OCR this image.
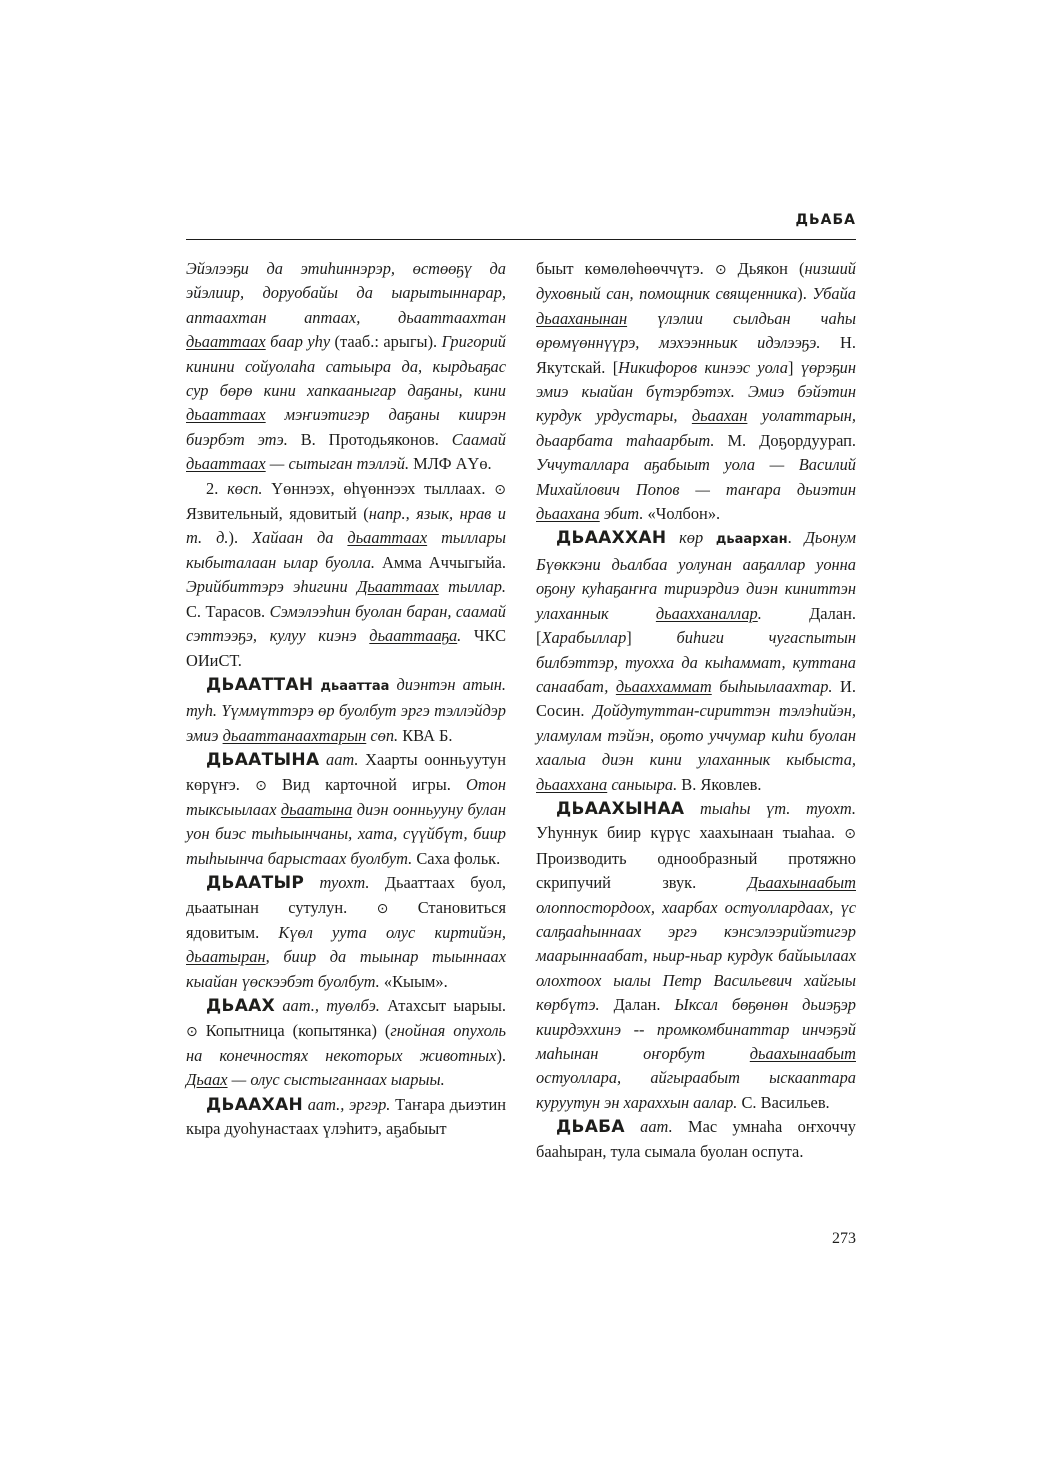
ДЬАБА

Эйэлээҕи да этиһиннэрэр, өстөөҕү да эйэлиир, доруобайы да ыарытыннарар, аптаахтан аптаах, дьааттаахтан дьааттаах баар уһу (тааб.: арыгы). Григорий кинини сойуолаһа сатыыра да, кырдьаҕас сур бөрө кини хапкааныгар даҕаны, кини дьааттаах мэҥиэтигэр даҕаны киирэн биэрбэт этэ. В. Протодьяконов. Саамай дьааттаах — сытыган тэллэй. МЛФ АҮө.

2. көсп. Үөннээх, өһүөннээх тыллаах. ⊙ Язвительный, ядовитый (напр., язык, нрав и т. д.). Хайаан да дьааттаах тыллары кыбыталаан ылар буолла. Амма Аччыгыйа. Эрийбиттэрэ эһигини Дьааттаах тыллар. С. Тарасов. Сэмэлээһин буолан баран, саамай сэттээҕэ, кулуу киэнэ дьааттааҕа. ЧКС ОИиСТ.

ДЬААТТАН дьааттаа диэнтэн атын. туһ. Үүммүттэрэ өр буолбут эргэ тэллэйдэр эмиэ дьааттанаахтарын сөп. КВА Б.

ДЬААТЫНА аат. Хаарты оонньуутун көрүҥэ. ⊙ Вид карточной игры. Отон тыксыылаах дьаатына диэн оонньууну булан уон биэс тыһыынчаны, хата, сүүйбүт, биир тыһыынча барыстаах буолбут. Саха фольк.

ДЬААТЫР туохт. Дьааттаах буол, дьаатынан сутулун. ⊙ Становиться ядовитым. Күөл уута олус киртийэн, дьаатыран, биир да тыынар тыыннаах кыайан үөскээбэт буолбут. «Кыым».

ДЬААХ аат., туөлбэ. Атахсыт ыарыы. ⊙ Копытница (копытянка) (гнойная опухоль на конечностях некоторых животных). Дьаах — олус сыстыганнаах ыарыы.

ДЬААХАН аат., эргэр. Таҥара дьиэтин кыра дуоһунастаах үлэһитэ, аҕабыыт

быыт көмөлөһөөччүтэ. ⊙ Дьякон (низший духовный сан, помощник священника). Убайа дьааханынан үлэлии сылдьан чаһы өрөмүөннүүрэ, мэхээнньик идэлээҕэ. Н. Якутскай. [Никифоров кинээс уола] үөрэҕин эмиэ кыайан бүтэрбэтэх. Эмиэ бэйэтин курдук урдустары, дьаахан уолаттарын, дьаарбата таһаарбыт. М. Доҕордуурап. Уччуталлара аҕабыыт уола — Василий Михайлович Попов — таҥара дьиэтин дьаахана эбит. «Чолбон».

ДЬААХХАН көр дьаархан. Дьонум Бүөккэни дьалбаа уолунан ааҕаллар уонна оҕону куһаҕаҥҥа тириэрдиэ диэн киниттэн улаханнык дьаахханаллар. Далан. [Харабыллар] биһиги чугаспытын билбэттэр, туохха да кыһаммат, куттана санаабат, дьаахxаммат быһыылаахтар. И. Сосин. Дойдутуттан-сириттэн тэлэһийэн, уламулам тэйэн, оҕото уччумар киһи буолан хаалыа диэн кини улаханнык кыбыста, дьаахxана саныыра. В. Яковлев.

ДЬААХЫНАА тыаһы үт. туохт. Уһуннук биир күрүс хаахынаан тыаһаа. ⊙ Производить однообразный протяжно скрипучий звук. Дьаахынаабыт олоппостордоох, хаарбах остуоллардаах, үс салҕааһыннаах эргэ кэнсэлээрийэтигэр маарыннаабат, ньир-ньар курдук байыылаах олохтоох ыалы Петр Васильевич хайгыы көрбүтэ. Далан. Ыксал бөҕөнөн дьиэҕэр киирдэххинэ -- промкомбинаттар инчэҕэй маһынан оҥорбут дьаахынаабыт остуоллара, айгыраабыт ыскааптара куруутун эн хараххын аалар. С. Васильев.

ДЬАБА аат. Мас умнаһа оҥхоччу бааһыран, тула сымала буолан оспута.

273
